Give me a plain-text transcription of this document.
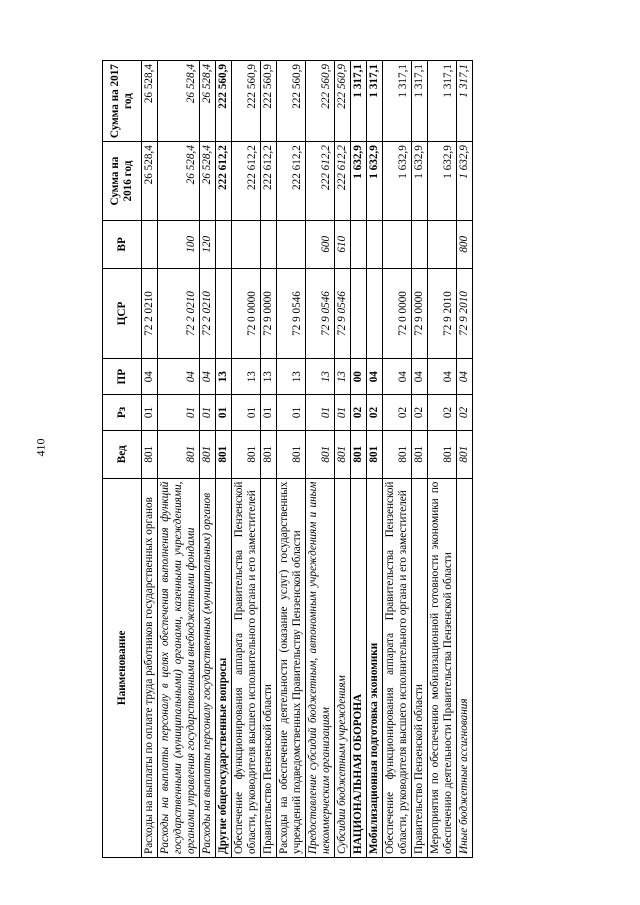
410
Наименование	Вед	Рз	ПР	ЦСР	ВР	Сумма на 2016 год	Сумма на 2017 год
Расходы на выплаты по оплате труда работников государственных органов	801	01	04	72 2 0210		26 528,4	26 528,4
Расходы на выплаты персоналу в целях обеспечения выполнения функций государственными (муниципальными) органами, казенными учреждениями, органами управления государственными внебюджетными фондами	801	01	04	72 2 0210	100	26 528,4	26 528,4
Расходы на выплаты персоналу государственных (муниципальных) органов	801	01	04	72 2 0210	120	26 528,4	26 528,4
Другие общегосударственные вопросы	801	01	13			222 612,2	222 560,9
Обеспечение функционирования аппарата Правительства Пензенской области, руководителя высшего исполнительного органа и его заместителей	801	01	13	72 0 0000		222 612,2	222 560,9
Правительство Пензенской области	801	01	13	72 9 0000		222 612,2	222 560,9
Расходы на обеспечение деятельности (оказание услуг) государственных учреждений подведомственных Правительству Пензенской области	801	01	13	72 9 0546		222 612,2	222 560,9
Предоставление субсидий бюджетным, автономным учреждениям и иным некоммерческим организациям	801	01	13	72 9 0546	600	222 612,2	222 560,9
Субсидии бюджетным учреждениям	801	01	13	72 9 0546	610	222 612,2	222 560,9
НАЦИОНАЛЬНАЯ ОБОРОНА	801	02	00			1 632,9	1 317,1
Мобилизационная подготовка экономики	801	02	04			1 632,9	1 317,1
Обеспечение функционирования аппарата Правительства Пензенской области, руководителя высшего исполнительного органа и его заместителей	801	02	04	72 0 0000		1 632,9	1 317,1
Правительство Пензенской области	801	02	04	72 9 0000		1 632,9	1 317,1
Мероприятия по обеспечению мобилизационной готовности экономики по обеспечению деятельности Правительства Пензенской области	801	02	04	72 9 2010		1 632,9	1 317,1
Иные бюджетные ассигнования	801	02	04	72 9 2010	800	1 632,9	1 317,1
